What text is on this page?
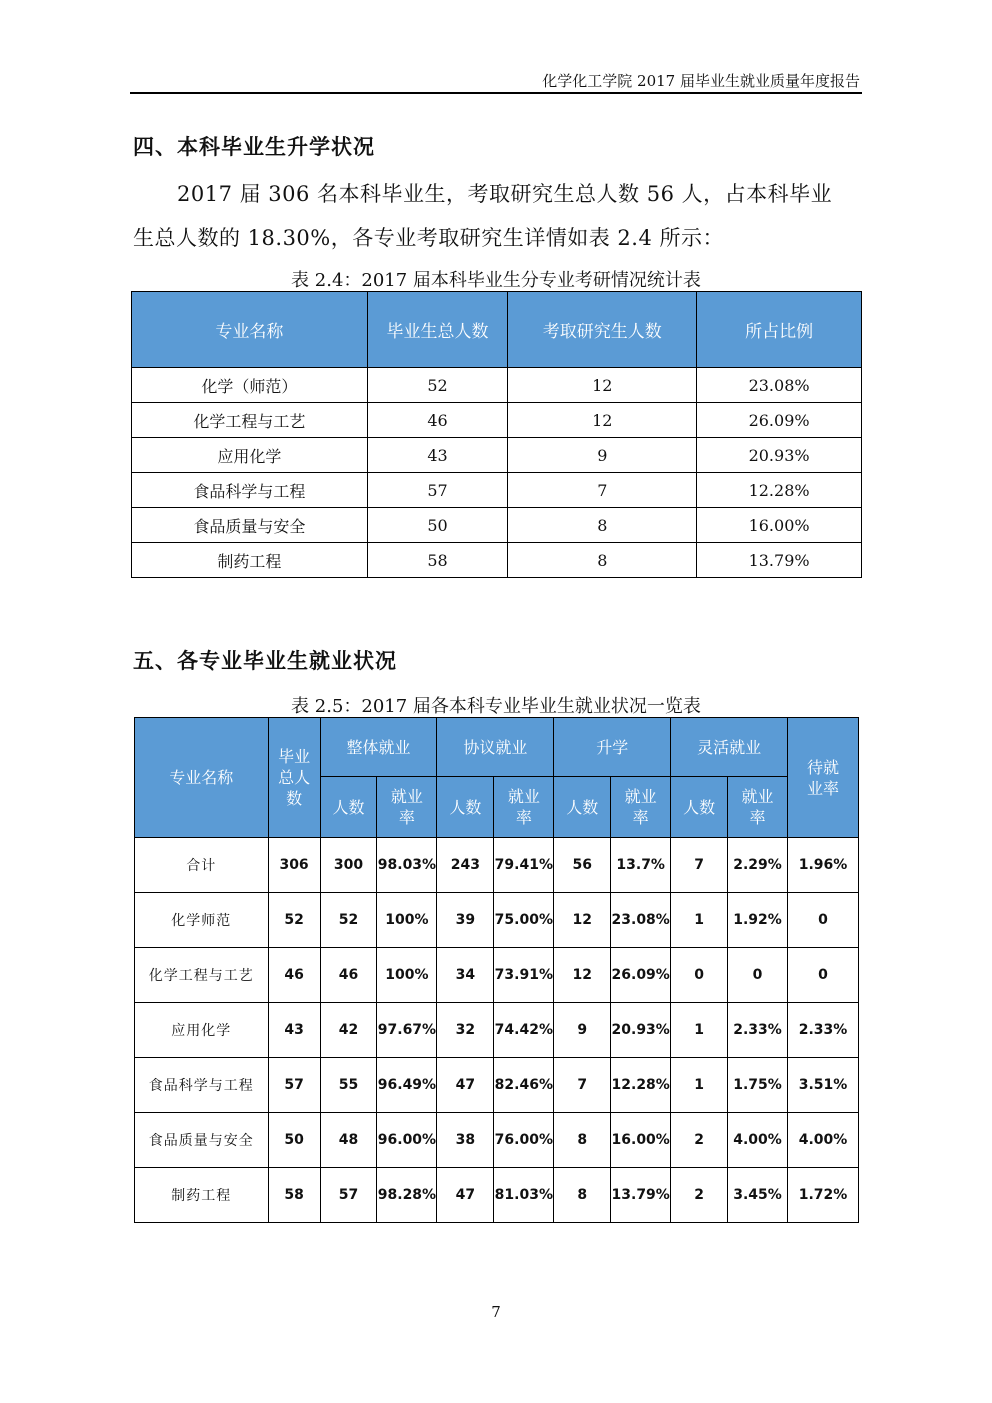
化学化工学院 2017 届毕业生就业质量年度报告
四、本科毕业生升学状况
2017 届 306 名本科毕业生，考取研究生总人数 56 人，占本科毕业
生总人数的 18.30%，各专业考取研究生详情如表 2.4 所示：
表 2.4：2017 届本科毕业生分专业考研情况统计表
专业名称	毕业生总人数	考取研究生人数	所占比例
化学（师范）	52	12	23.08%
化学工程与工艺	46	12	26.09%
应用化学	43	9	20.93%
食品科学与工程	57	7	12.28%
食品质量与安全	50	8	16.00%
制药工程	58	8	13.79%
五、各专业毕业生就业状况
表 2.5：2017 届各本科专业毕业生就业状况一览表
专业名称	毕业总人数	整体就业		协议就业		升学		灵活就业		待就业率
		人数	就业率	人数	就业率	人数	就业率	人数	就业率	
合计	306	300	98.03%	243	79.41%	56	13.7%	7	2.29%	1.96%
化学师范	52	52	100%	39	75.00%	12	23.08%	1	1.92%	0
化学工程与工艺	46	46	100%	34	73.91%	12	26.09%	0	0	0
应用化学	43	42	97.67%	32	74.42%	9	20.93%	1	2.33%	2.33%
食品科学与工程	57	55	96.49%	47	82.46%	7	12.28%	1	1.75%	3.51%
食品质量与安全	50	48	96.00%	38	76.00%	8	16.00%	2	4.00%	4.00%
制药工程	58	57	98.28%	47	81.03%	8	13.79%	2	3.45%	1.72%
7
